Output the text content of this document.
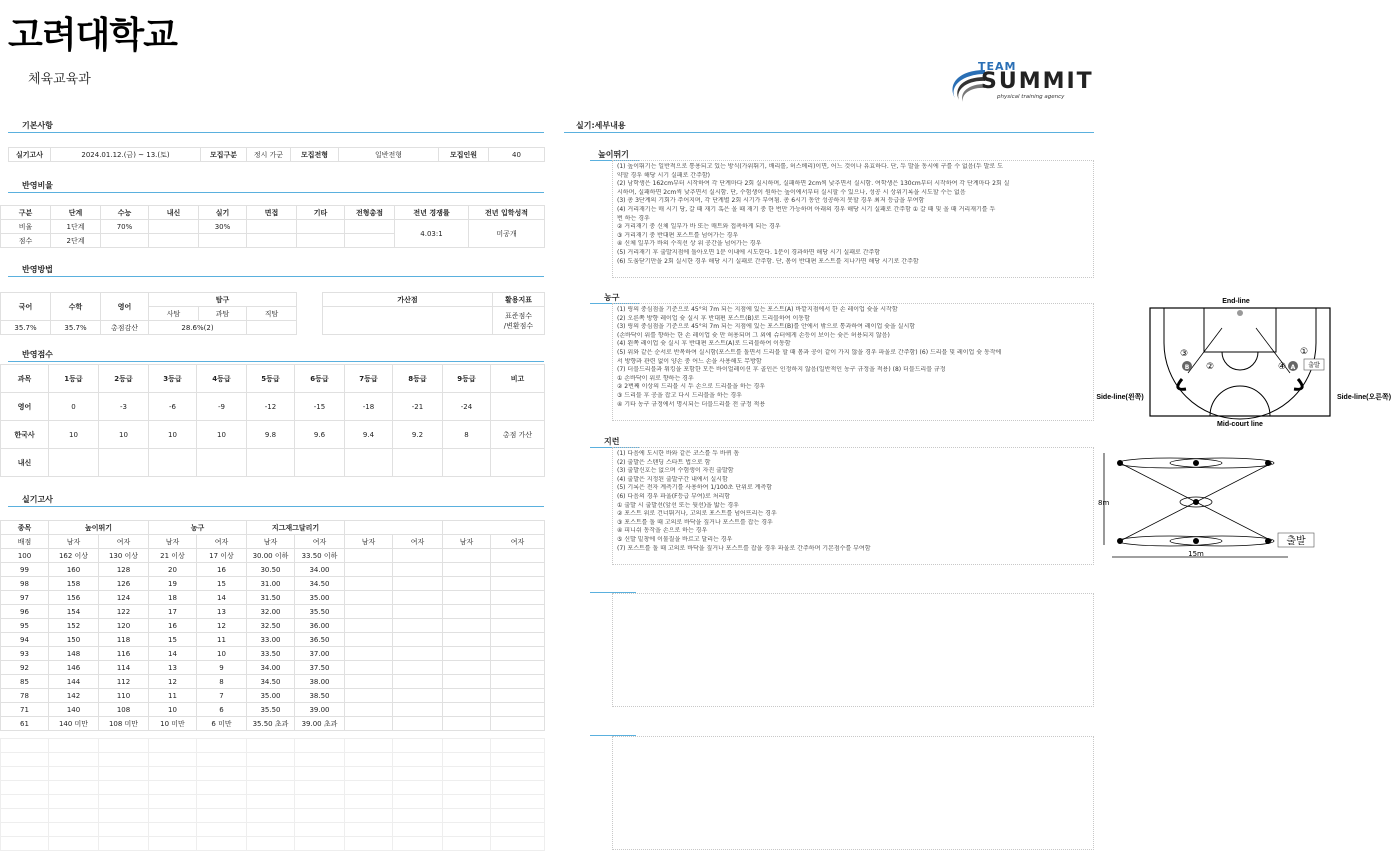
고려대학교
체육교육과
TEAM
SUMMIT
physical training agency
기본사항
실기고사	2024.01.12.(금) ~ 13.(토)	모집구분	정시 가군	모집전형	일반전형	모집인원	40
반영비율
구분	단계	수능	내신	실기	면접	기타	전형총점	전년 경쟁률	전년 입학성적
비율	1단계	70%		30%				4.03:1	미공개
점수	2단계								
반영방법
국어	수학	영어	탐구		
			사탐	과탐	직탐
35.7%	35.7%	총점감산	28.6%(2)		
가산점	활용지표

	표준점수
/변환점수
반영점수
과목	1등급	2등급	3등급	4등급	5등급	6등급	7등급	8등급	9등급	비고
영어	0	-3	-6	-9	-12	-15	-18	-21	-24	
한국사	10	10	10	10	9.8	9.6	9.4	9.2	8	총점 가산
내신										
실기고사
종목	높이뛰기		농구		지그재그달리기					
배점	남자	여자	남자	여자	남자	여자	남자	여자	남자	여자
100	162 이상	130 이상	21 이상	17 이상	30.00 이하	33.50 이하				
99	160	128	20	16	30.50	34.00				
98	158	126	19	15	31.00	34.50				
97	156	124	18	14	31.50	35.00				
96	154	122	17	13	32.00	35.50				
95	152	120	16	12	32.50	36.00				
94	150	118	15	11	33.00	36.50				
93	148	116	14	10	33.50	37.00				
92	146	114	13	9	34.00	37.50				
85	144	112	12	8	34.50	38.00				
78	142	110	11	7	35.00	38.50				
71	140	108	10	6	35.50	39.00				
61	140 미만	108 미만	10 미만	6 미만	35.50 초과	39.00 초과				

실기:세부내용
높이뛰기
(1) 높이뛰기는 일반적으로 통용되고 있는 방식(가위뛰기, 배리롤, 허스베리)이면, 어느 것이나 유효하다. 단, 두 발을 동시에 구를 수 없음(두 발로 도
약할 경우 해당 시기 실패로 간주함)
(2) 남학생은 162cm부터 시작하여 각 단계마다 2회 실시하며, 실패하면 2cm씩 낮추면서 실시함. 여학생은 130cm부터 시작하여 각 단계마다 2회 실
시하며, 실패하면 2cm씩 낮추면서 실시함. 단, 수험생이 원하는 높이에서부터 실시할 수 있으나, 성공 시 상위기록을 시도할 수는 없음
(3) 총 3단계의 기회가 주어지며, 각 단계별 2회 시기가 부여됨. 총 6시기 동안 성공하지 못할 경우 최저 등급을 부여함
(4) 거리재기는 매 시기 당, 갈 때 재기 혹은 올 때 재기 중 한 번만 가능하며 아래의 경우 해당 시기 실패로 간주함 ① 갈 때 및 올 때 거리재기를 두
번 하는 경우
② 거리재기 중 신체 일부가 바 또는 매트와 접촉하게 되는 경우
③ 거리재기 중 반대편 포스트를 넘어가는 경우
④ 신체 일부가 바의 수직선 상 위 공간을 넘어가는 경우
(5) 거리재기 후 출발지점에 돌아오면 1분 이내에 시도한다. 1분이 경과하면 해당 시기 실패로 간주함
(6) 도움닫기만을 2회 실시한 경우 해당 시기 실패로 간주함. 단, 몸이 반대편 포스트를 지나가면 해당 시기로 간주함
농구
(1) 링의 중심점을 기준으로 45°의 7m 되는 지점에 있는 포스트(A) 바깥지점에서 한 손 레이업 슛을 시작함
(2) 오른쪽 방향 레이업 슛 실시 후 반대편 포스트(B)로 드리블하여 이동함
(3) 링의 중심점을 기준으로 45°의 7m 되는 지점에 있는 포스트(B)를 안에서 밖으로 통과하여 레이업 슛을 실시함
(손바닥이 위를 향하는 한 손 레이업 슛 만 허용되며 그 외에 슈터에게 손등이 보이는 슛은 허용되지 않음)
(4) 왼쪽 레이업 슛 실시 후 반대편 포스트(A)로 드리블하여 이동함
(5) 위와 같은 순서로 반복하여 실시함(포스트를 돌면서 드리블 할 때 몸과 공이 같이 가지 않을 경우 파울로 간주함) (6) 드리블 및 레이업 슛 동작에
서 방향과 관련 없이 양손 중 어느 손을 사용해도 무방함
(7) 더블드리블과 워킹을 포함한 모든 바이얼레이션 후 골인은 인정하지 않음(일반적인 농구 규정을 적용) (8) 더블드리블 규정
① 손바닥이 위로 향하는 경우
② 2번째 이상의 드리블 시 두 손으로 드리블을 하는 경우
③ 드리블 후 공을 잡고 다시 드리블을 하는 경우
④ 기타 농구 규정에서 명시되는 더블드리블 전 규정 적용
지런
(1) 다음에 도시한 바와 같은 코스를 두 바퀴 돔
(2) 출발은 스탠딩 스타트 법으로 함
(3) 출발신호는 없으며 수험생이 자진 출발함
(4) 출발은 지정된 출발구간 내에서 실시함
(5) 기록은 전자 계측기를 사용하여 1/100초 단위로 계측함
(6) 다음의 경우 파울(F등급 부여)로 처리함
① 출발 시 출발선(앞선 또는 뒷선)을 밟는 경우
② 포스트 위로 건너뛰거나, 고의로 포스트를 넘어뜨리는 경우
③ 포스트를 돌 때 고의로 바닥을 짚거나 포스트를 잡는 경우
④ 피니쉬 동작을 손으로 하는 경우
⑤ 신발 밑창에 이물질을 바르고 달리는 경우
(7) 포스트를 돌 때 고의로 바닥을 짚거나 포스트를 잡을 경우 파울로 간주하며 기본점수를 부여함
End-line
③
②
①
④
B	A 출발
Side-line(왼쪽)	Side-line(오른쪽)
Mid-court line
8m
15m
출발
